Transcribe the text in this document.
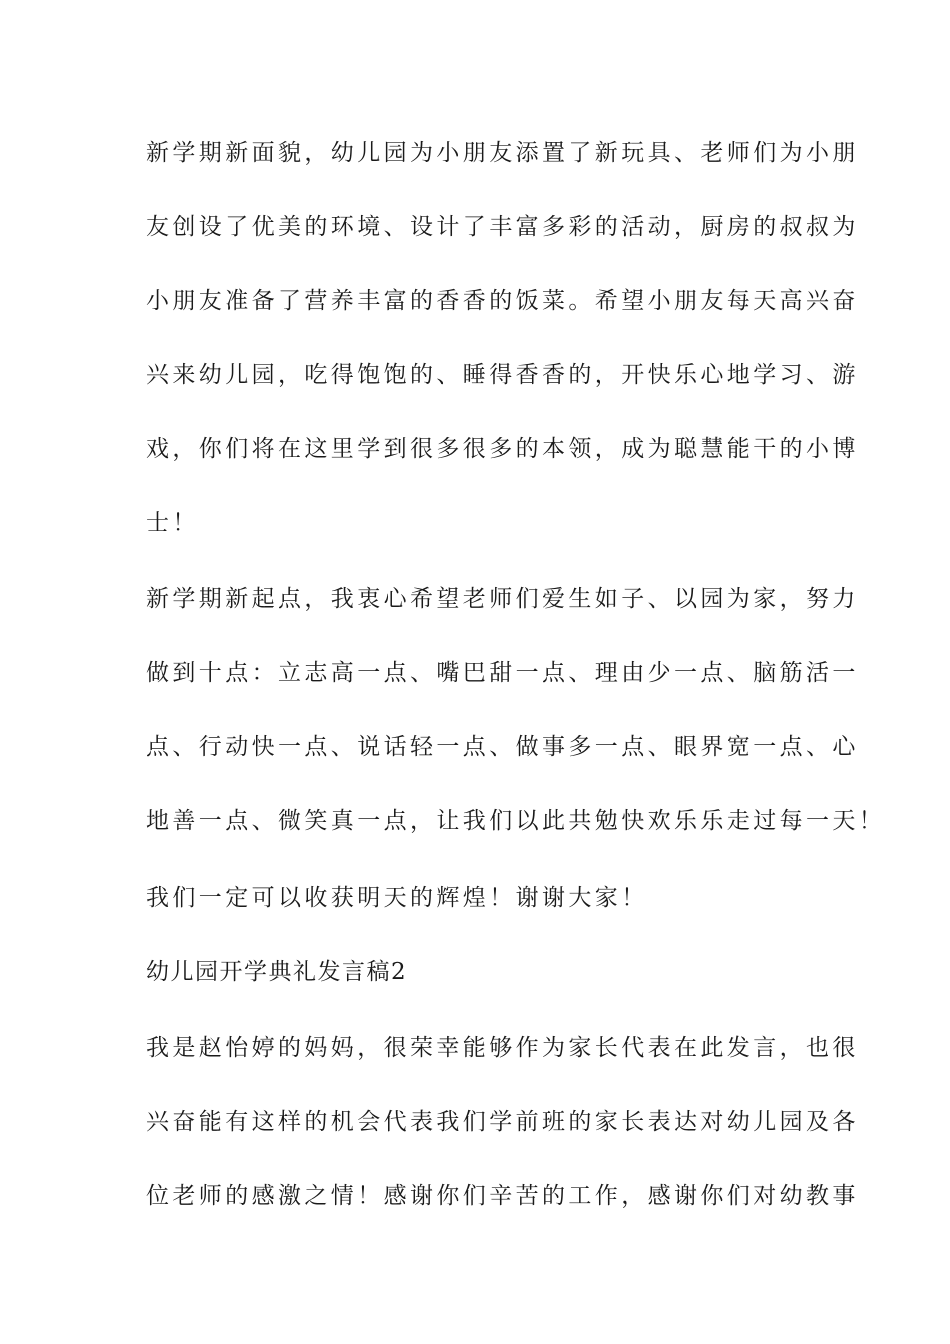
新学期新面貌，幼儿园为小朋友添置了新玩具、老师们为小朋

友创设了优美的环境、设计了丰富多彩的活动，厨房的叔叔为

小朋友准备了营养丰富的香香的饭菜。希望小朋友每天高兴奋

兴来幼儿园，吃得饱饱的、睡得香香的，开快乐心地学习、游

戏，你们将在这里学到很多很多的本领，成为聪慧能干的小博

士！

新学期新起点，我衷心希望老师们爱生如子、以园为家，努力

做到十点：立志高一点、嘴巴甜一点、理由少一点、脑筋活一

点、行动快一点、说话轻一点、做事多一点、眼界宽一点、心

地善一点、微笑真一点，让我们以此共勉快欢乐乐走过每一天！

我们一定可以收获明天的辉煌！谢谢大家！

幼儿园开学典礼发言稿2

我是赵怡婷的妈妈，很荣幸能够作为家长代表在此发言，也很

兴奋能有这样的机会代表我们学前班的家长表达对幼儿园及各

位老师的感激之情！感谢你们辛苦的工作，感谢你们对幼教事
